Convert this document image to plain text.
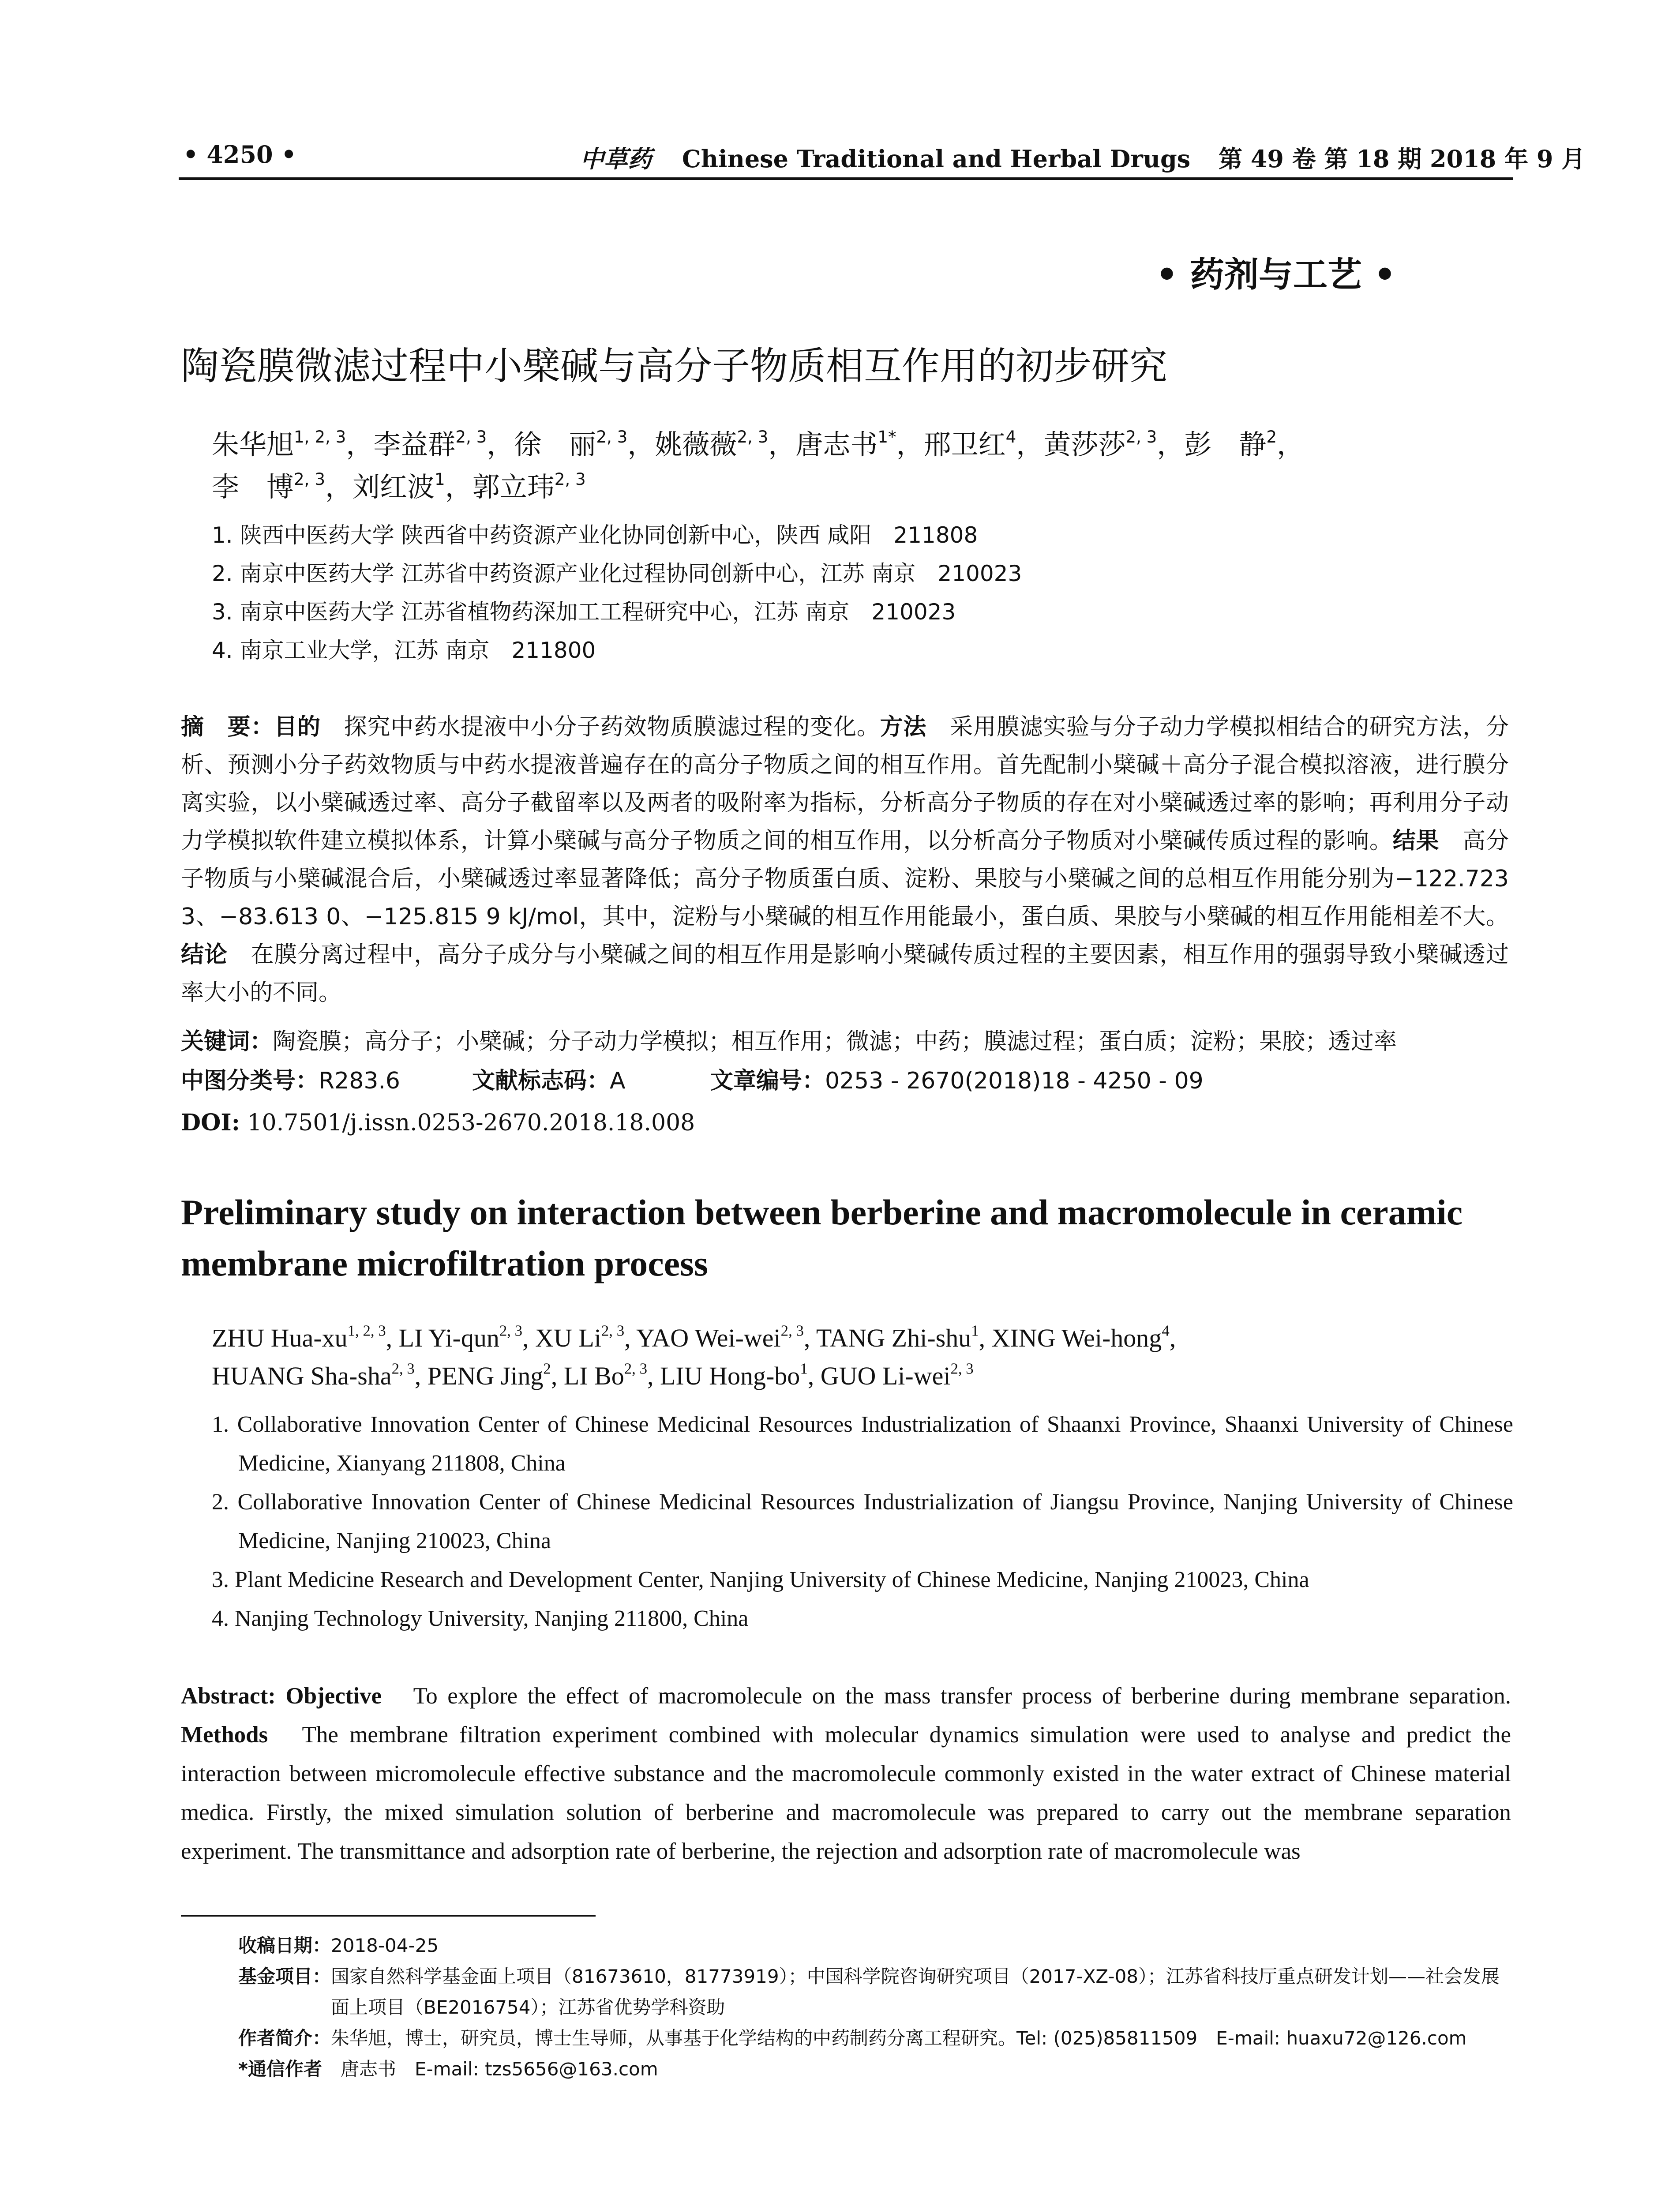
• 4250 •	中草药 Chinese Traditional and Herbal Drugs 第 49 卷 第 18 期 2018 年 9 月
• 药剂与工艺 •
陶瓷膜微滤过程中小檗碱与高分子物质相互作用的初步研究
朱华旭$^{1, 2, 3}$，李益群$^{2, 3}$，徐　丽$^{2, 3}$，姚薇薇$^{2, 3}$，唐志书$^{1*}$，邢卫红$^4$，黄莎莎$^{2, 3}$，彭　静$^2$，
李　博$^{2, 3}$，刘红波$^1$，郭立玮$^{2, 3}$
1. 陕西中医药大学 陕西省中药资源产业化协同创新中心，陕西 咸阳　211808
2. 南京中医药大学 江苏省中药资源产业化过程协同创新中心，江苏 南京　210023
3. 南京中医药大学 江苏省植物药深加工工程研究中心，江苏 南京　210023
4. 南京工业大学，江苏 南京　211800
摘　要：目的　探究中药水提液中小分子药效物质膜滤过程的变化。方法　采用膜滤实验与分子动力学模拟相结合的研究方法，分析、预测小分子药效物质与中药水提液普遍存在的高分子物质之间的相互作用。首先配制小檗碱＋高分子混合模拟溶液，进行膜分离实验，以小檗碱透过率、高分子截留率以及两者的吸附率为指标，分析高分子物质的存在对小檗碱透过率的影响；再利用分子动力学模拟软件建立模拟体系，计算小檗碱与高分子物质之间的相互作用，以分析高分子物质对小檗碱传质过程的影响。结果　高分子物质与小檗碱混合后，小檗碱透过率显著降低；高分子物质蛋白质、淀粉、果胶与小檗碱之间的总相互作用能分别为−122.723 3、−83.613 0、−125.815 9 kJ/mol，其中，淀粉与小檗碱的相互作用能最小，蛋白质、果胶与小檗碱的相互作用能相差不大。结论　在膜分离过程中，高分子成分与小檗碱之间的相互作用是影响小檗碱传质过程的主要因素，相互作用的强弱导致小檗碱透过率大小的不同。
关键词：陶瓷膜；高分子；小檗碱；分子动力学模拟；相互作用；微滤；中药；膜滤过程；蛋白质；淀粉；果胶；透过率
中图分类号：R283.6	文献标志码：A	文章编号：0253 - 2670(2018)18 - 4250 - 09
DOI: 10.7501/j.issn.0253-2670.2018.18.008
Preliminary study on interaction between berberine and macromolecule in ceramic membrane microfiltration process
ZHU Hua-xu$^{1, 2, 3}$, LI Yi-qun$^{2, 3}$, XU Li$^{2, 3}$, YAO Wei-wei$^{2, 3}$, TANG Zhi-shu$^1$, XING Wei-hong$^4$,
HUANG Sha-sha$^{2, 3}$, PENG Jing$^2$, LI Bo$^{2, 3}$, LIU Hong-$bo^1$, GUO Li-wei$^{2, 3}$
1. Collaborative Innovation Center of Chinese Medicinal Resources Industrialization of Shaanxi Province, Shaanxi University of Chinese Medicine, Xianyang 211808, China
2. Collaborative Innovation Center of Chinese Medicinal Resources Industrialization of Jiangsu Province, Nanjing University of Chinese Medicine, Nanjing 210023, China
3. Plant Medicine Research and Development Center, Nanjing University of Chinese Medicine, Nanjing 210023, China
4. Nanjing Technology University, Nanjing 211800, China
Abstract: Objective　To explore the effect of macromolecule on the mass transfer process of berberine during membrane separation. Methods　The membrane filtration experiment combined with molecular dynamics simulation were used to analyse and predict the interaction between micromolecule effective substance and the macromolecule commonly existed in the water extract of Chinese material medica. Firstly, the mixed simulation solution of berberine and macromolecule was prepared to carry out the membrane separation experiment. The transmittance and adsorption rate of berberine, the rejection and adsorption rate of macromolecule was
收稿日期： 2018-04-25
基金项目： 国家自然科学基金面上项目（81673610，81773919）；中国科学院咨询研究项目（2017-XZ-08）；江苏省科技厅重点研发计划——社会发展面上项目（BE2016754）；江苏省优势学科资助
作者简介： 朱华旭，博士，研究员，博士生导师，从事基于化学结构的中药制药分离工程研究。Tel: (025)85811509　E-mail: huaxu72@126.com
*通信作者　 唐志书　E-mail: tzs5656@163.com
